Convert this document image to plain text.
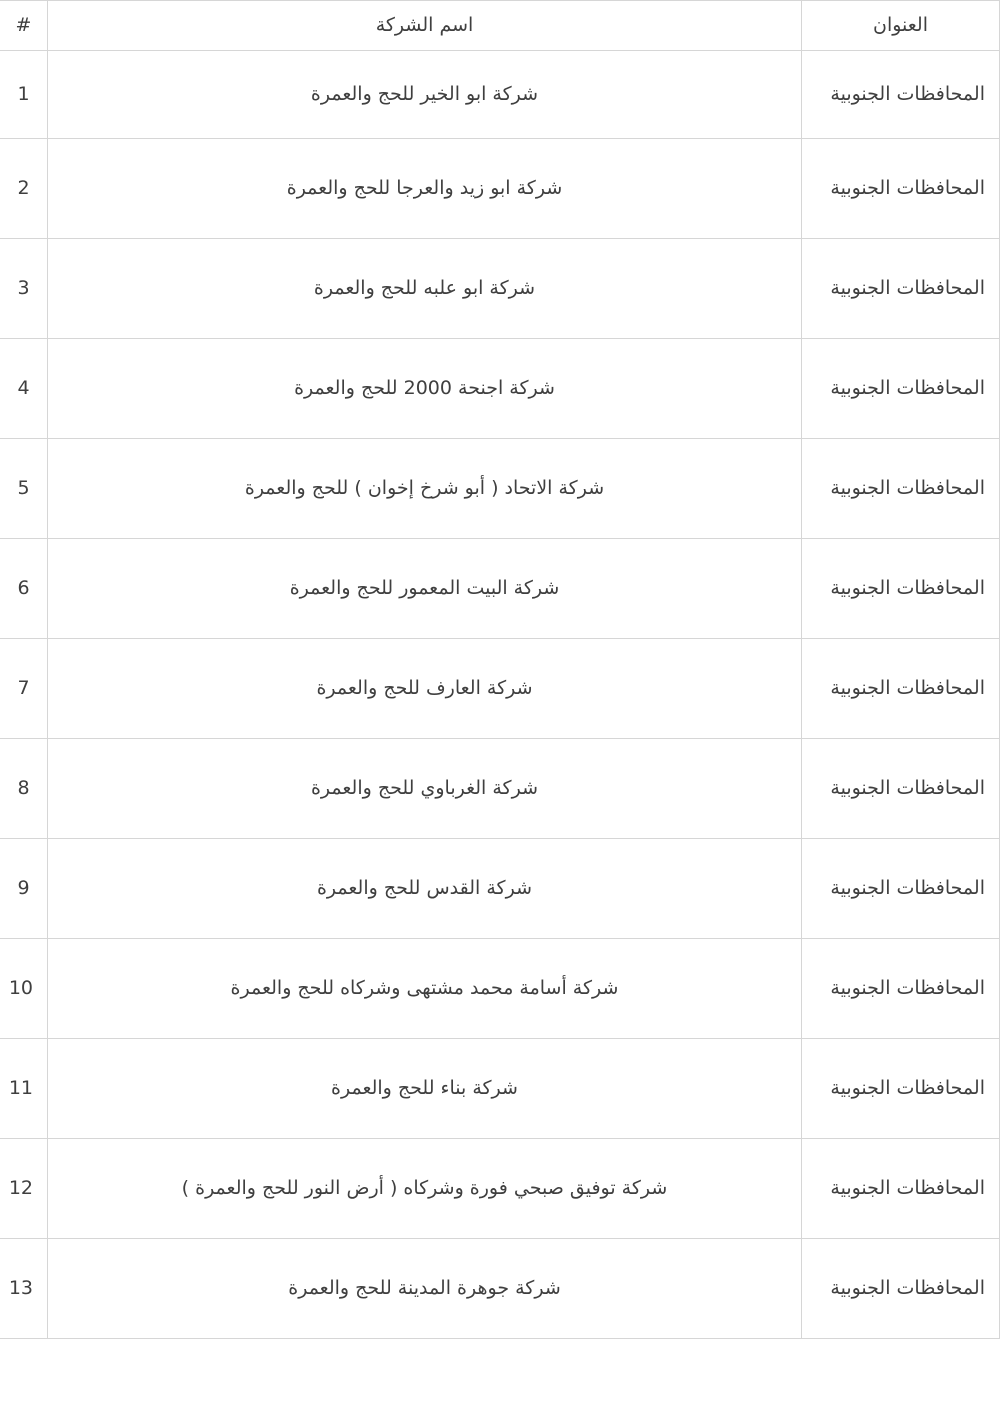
العنوان	اسم الشركة	#
المحافظات الجنوبية	شركة ابو الخير للحج والعمرة	1
المحافظات الجنوبية	شركة ابو زيد والعرجا للحج والعمرة	2
المحافظات الجنوبية	شركة ابو علبه للحج والعمرة	3
المحافظات الجنوبية	شركة اجنحة 2000 للحج والعمرة	4
المحافظات الجنوبية	شركة الاتحاد ( أبو شرخ إخوان ) للحج والعمرة	5
المحافظات الجنوبية	شركة البيت المعمور للحج والعمرة	6
المحافظات الجنوبية	شركة العارف للحج والعمرة	7
المحافظات الجنوبية	شركة الغرباوي للحج والعمرة	8
المحافظات الجنوبية	شركة القدس للحج والعمرة	9
المحافظات الجنوبية	شركة أسامة محمد مشتهى وشركاه للحج والعمرة	10
المحافظات الجنوبية	شركة بناء للحج والعمرة	11
المحافظات الجنوبية	شركة توفيق صبحي فورة وشركاه ( أرض النور للحج والعمرة )	12
المحافظات الجنوبية	شركة جوهرة المدينة للحج والعمرة	13
